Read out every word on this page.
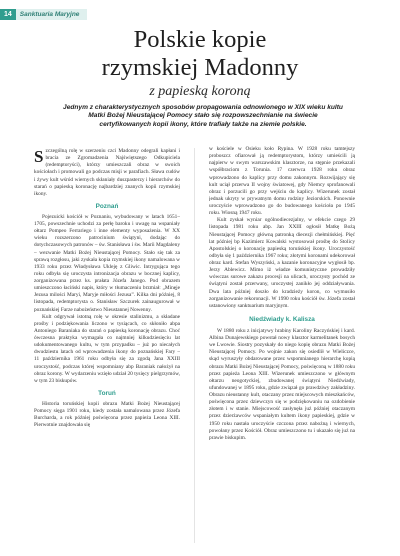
14	Sanktuaria Maryjne
Polskie kopie
rzymskiej Madonny
z papieską koroną
Jednym z charakterystycznych sposobów propagowania odnowionego w XIX wieku kultu Matki Bożej Nieustającej Pomocy stało się rozpowszechnianie na świecie certyfikowanych kopii ikony, które trafiały także na ziemie polskie.

Szczególną rolę w szerzeniu czci Madonny odegrali kapłani i bracia ze Zgromadzenia Najświętszego Odkupiciela (redemptoryści), którzy umieszczali obraz w swoich kościołach i promowali go podczas misji w parafiach. Sława cudów i żywy kult wśród wiernych skłaniały duszpasterzy i hierarchów do starań o papieską koronację najbardziej znanych kopii rzymskiej ikony.

Poznań

Pojezuicki kościół w Poznaniu, wybudowany w latach 1651–1705, powszechnie uchodzi za perłę baroku i uwagę na wspaniały ołtarz Pompeo Ferrariego i inne elementy wyposażenia. W XX wieku rozszerzono patrocinium świątyni, dodając do dotychczasowych patronów – św. Stanisława i św. Marii Magdaleny – wezwanie Matki Bożej Nieustającej Pomocy. Stało się tak za sprawą rozgłosu, jaki zyskała kopia rzymskiej ikony namalowana w 1933 roku przez Władysława Ukleję z Gliwic. Intrygująca tego roku odbyła się uroczysta intronizacja obrazu w bocznej kaplicy, zorganizowana przez ks. prałata Józefa Janego. Pod obrazem umieszczono łaciński napis, który w tłumaczeniu brzmiał: „Minęje Jezusa milości Maryi, Maryje miłości Jezusa”. Kilka dni później, 8 listopada, redemptorysta o. Stanisław Szczurek zainaugurował w poznańskiej Farze nabożeństwo Nieustannej Nowenny.

Kult odgrywał istotną rolę w okresie stalinizmu, a składane prośby i podziękowania liczono w tysiącach, co skłoniło abpa Antoniego Baraniaka do starań o papieską koronację obrazu. Choć ówczesna praktyka wymagała co najmniej kilkudziesięciu lat udokumentowanego kultu, w tym przypadku – już po niecałych dwudziestu latach od wprowadzenia ikony do poznańskiej Fary – 11 października 1961 roku odbyła się za zgodą Jana XXIII uroczystość, podczas której wspomniany abp Baraniak nałożył na obraz korony. W wydarzeniu wzięło udział 20 tysięcy pielgrzymów, w tym 23 biskupów.

Toruń

Historia toruńskiej kopii obrazu Matki Bożej Nieustającej Pomocy sięga 1901 roku, kiedy została namalowana przez Józefa Burcharda, a rok później poświęcona przez papieża Leona XIII. Pierwotnie znajdowała się

w kościele w Osieku koło Rypina. W 1928 roku tamtejszy proboszcz ofiarował ją redemptorystom, którzy umieścili ją najpierw w swym warszawskim klasztorze, na stępnie przekazali współbraciom z Torunia. 17 czerwca 1928 roku obraz wprowadzono do kaplicy przy domu zakonnym. Rozwijający się kult uciął przerwa II wojny światowej, gdy Niemcy sprofanowali obraz i porzucili go przy wejściu do kaplicy. Wizerunek został jednak ukryty w prywatnym domu rodziny Jeziorskich. Ponownie uroczyście wprowadzono go do budowanego kościoła po 1945 roku. Wiosną 1947 roku.

Kult zyskał wyniar ogólnodiecezjalny, w efekcie czego 29 listopada 1981 roku abp. Jan XXIII ogłosił Matkę Bożą Nieustającej Pomocy główną patronką diecezji chełmińskiej. Pięć lat później bp Kazimierz Kowalski wystosował prośbę do Stolicy Apostolskiej o koronację papieską toruńskiej ikony. Uroczystość odbyła się 1 października 1967 roku; złotymi koronami udekorował obraz kard. Stefan Wyszyński, a kazanie koronacyjne wygłosił bp. Jerzy Ablewicz. Mimo iż władze komunistyczne prowadziły wówczas surowe zakazu procesji na ulicach, uroczysty pochód ze świątyni został przerwany, uroczystej zanikło jej oddziaływania. Dwa lata później doszło do kradzieży koron, co wymusiło zorganizowanie rekoronacji. W 1990 roku kościół św. Józefa został ustanowiony sanktuarium maryjnym.

Niedźwiady k. Kalisza

W 1880 roku z inicjatywy hrabiny Karoliny Raczyńskiej i kard. Albina Dunajewskiego powstał nowy klasztor karmelitanek bosych we Lwowie. Siostry pozyskały do niego kopię obrazu Matki Bożej Nieustającej Pomocy. Po wojnie zakon się osiedlił w Wieliczce, skąd wyruszyły obdarowane przez wspomnianego hierarchę kopią obrazu Matki Bożej Nieustającej Pomocy, poświęconą w 1880 roku przez papieża Leona XIII. Wizerunek umieszczono w głównym ołtarzu neogotyckiej, zbudowanej świątyni Niedźwiady, ufundowanej w 1895 roku, gdzie związał go prawdziwy zakładziny. Obrazu nieustanny kult, otaczany przez miejscowych mieszkańców, poświęcona przez dziewczyn się w podziękowaniu na ozdobienie złotem i w stanie. Miejscowość zasłynęła już później otaczanym przez dzierżawców wspaniałym kultem ikony papieskiej, gdzie w 1950 roku nastała uroczyście czczona przez nabożną i wiernych, powołany przez Kościół. Obraz umieszczono tu i ukazało się już na prawie biskupim.
